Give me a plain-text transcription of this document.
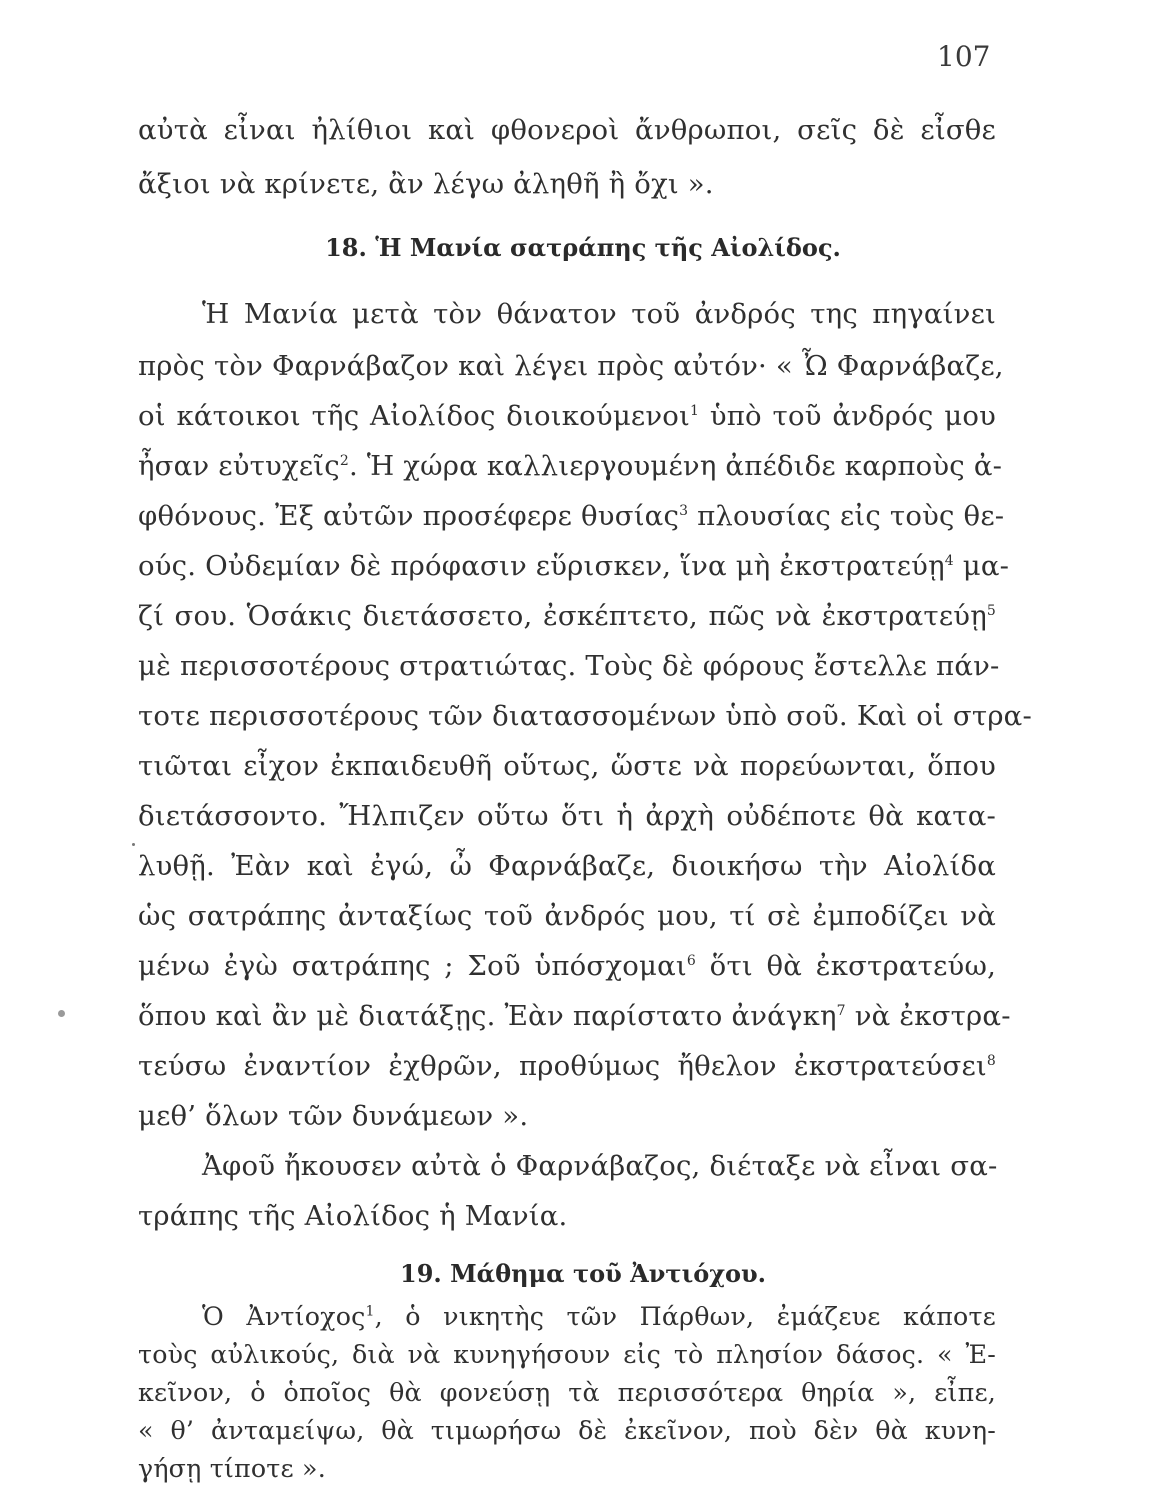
107
αὐτὰ εἶναι ἠλίθιοι καὶ φθονεροὶ ἄνθρωποι, σεῖς δὲ εἶσθε
ἄξιοι νὰ κρίνετε, ἂν λέγω ἀληθῆ ἢ ὄχι ».
18. Ἡ Μανία σατράπης τῆς Αἰολίδος.
Ἡ Μανία μετὰ τὸν θάνατον τοῦ ἀνδρός της πηγαίνει
πρὸς τὸν Φαρνάβαζον καὶ λέγει πρὸς αὐτόν· « Ὦ Φαρνάβαζε,
οἱ κάτοικοι τῆς Αἰολίδος διοικούμενοι$^1$ ὑπὸ τοῦ ἀνδρός μου
ἦσαν εὐτυχεῖς$^2$. Ἡ χώρα καλλιεργουμένη ἀπέδιδε καρποὺς ἀ-
φθόνους. Ἐξ αὐτῶν προσέφερε θυσίας$^3$ πλουσίας εἰς τοὺς θε-
ούς. Οὐδεμίαν δὲ πρόφασιν εὕρισκεν, ἵνα μὴ ἐκστρατεύῃ$^4$ μα-
ζί σου. Ὁσάκις διετάσσετο, ἐσκέπτετο, πῶς νὰ ἐκστρατεύῃ$^5$
μὲ περισσοτέρους στρατιώτας. Τοὺς δὲ φόρους ἔστελλε πάν-
τοτε περισσοτέρους τῶν διατασσομένων ὑπὸ σοῦ. Καὶ οἱ στρα-
τιῶται εἶχον ἐκπαιδευθῆ οὕτως, ὥστε νὰ πορεύωνται, ὅπου
διετάσσοντο. Ἤλπιζεν οὕτω ὅτι ἡ ἀρχὴ οὐδέποτε θὰ κατα-
λυθῇ. Ἐὰν καὶ ἐγώ, ὦ Φαρνάβαζε, διοικήσω τὴν Αἰολίδα
ὡς σατράπης ἀνταξίως τοῦ ἀνδρός μου, τί σὲ ἐμποδίζει νὰ
μένω ἐγὼ σατράπης ; Σοῦ ὑπόσχομαι$^6$ ὅτι θὰ ἐκστρατεύω,
ὅπου καὶ ἂν μὲ διατάξῃς. Ἐὰν παρίστατο ἀνάγκη$^7$ νὰ ἐκστρα-
τεύσω ἐναντίον ἐχθρῶν, προθύμως ἤθελον ἐκστρατεύσει$^8$
μεθ’ ὅλων τῶν δυνάμεων ».
Ἀφοῦ ἤκουσεν αὐτὰ ὁ Φαρνάβαζος, διέταξε νὰ εἶναι σα-
τράπης τῆς Αἰολίδος ἡ Μανία.
19. Μάθημα τοῦ Ἀντιόχου.
Ὁ Ἀντίοχος$^1$, ὁ νικητὴς τῶν Πάρθων, ἐμάζευε κάποτε
τοὺς αὐλικούς, διὰ νὰ κυνηγήσουν εἰς τὸ πλησίον δάσος. « Ἐ-
κεῖνον, ὁ ὁποῖος θὰ φονεύσῃ τὰ περισσότερα θηρία », εἶπε,
« θ’ ἀνταμείψω, θὰ τιμωρήσω δὲ ἐκεῖνον, ποὺ δὲν θὰ κυνη-
γήσῃ τίποτε ».
